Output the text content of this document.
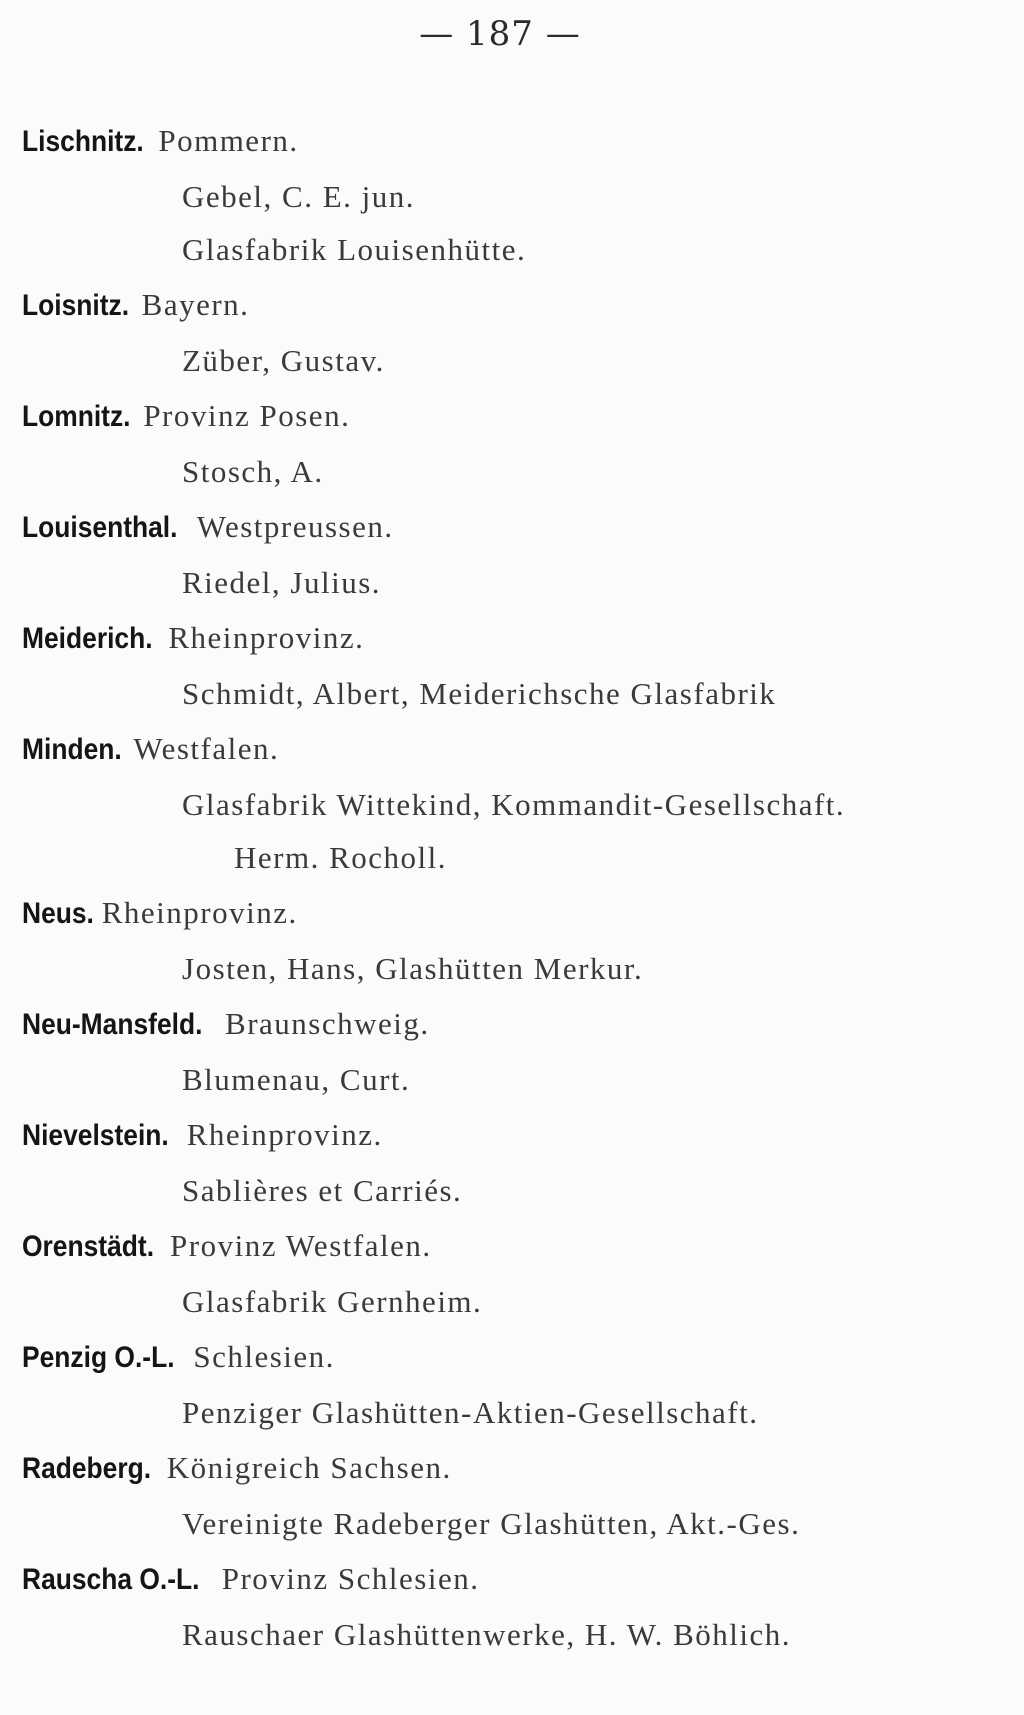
— 187 —
Lischnitz. Pommern.
Gebel, C. E. jun.
Glasfabrik Louisenhütte.
Loisnitz. Bayern.
Züber, Gustav.
Lomnitz. Provinz Posen.
Stosch, A.
Louisenthal. Westpreussen.
Riedel, Julius.
Meiderich. Rheinprovinz.
Schmidt, Albert, Meiderichsche Glasfabrik
Minden. Westfalen.
Glasfabrik Wittekind, Kommandit-Gesellschaft.
Herm. Rocholl.
Neus. Rheinprovinz.
Josten, Hans, Glashütten Merkur.
Neu-Mansfeld. Braunschweig.
Blumenau, Curt.
Nievelstein. Rheinprovinz.
Sablières et Carriés.
Orenstädt. Provinz Westfalen.
Glasfabrik Gernheim.
Penzig O.-L. Schlesien.
Penziger Glashütten-Aktien-Gesellschaft.
Radeberg. Königreich Sachsen.
Vereinigte Radeberger Glashütten, Akt.-Ges.
Rauscha O.-L. Provinz Schlesien.
Rauschaer Glashüttenwerke, H. W. Böhlich.
